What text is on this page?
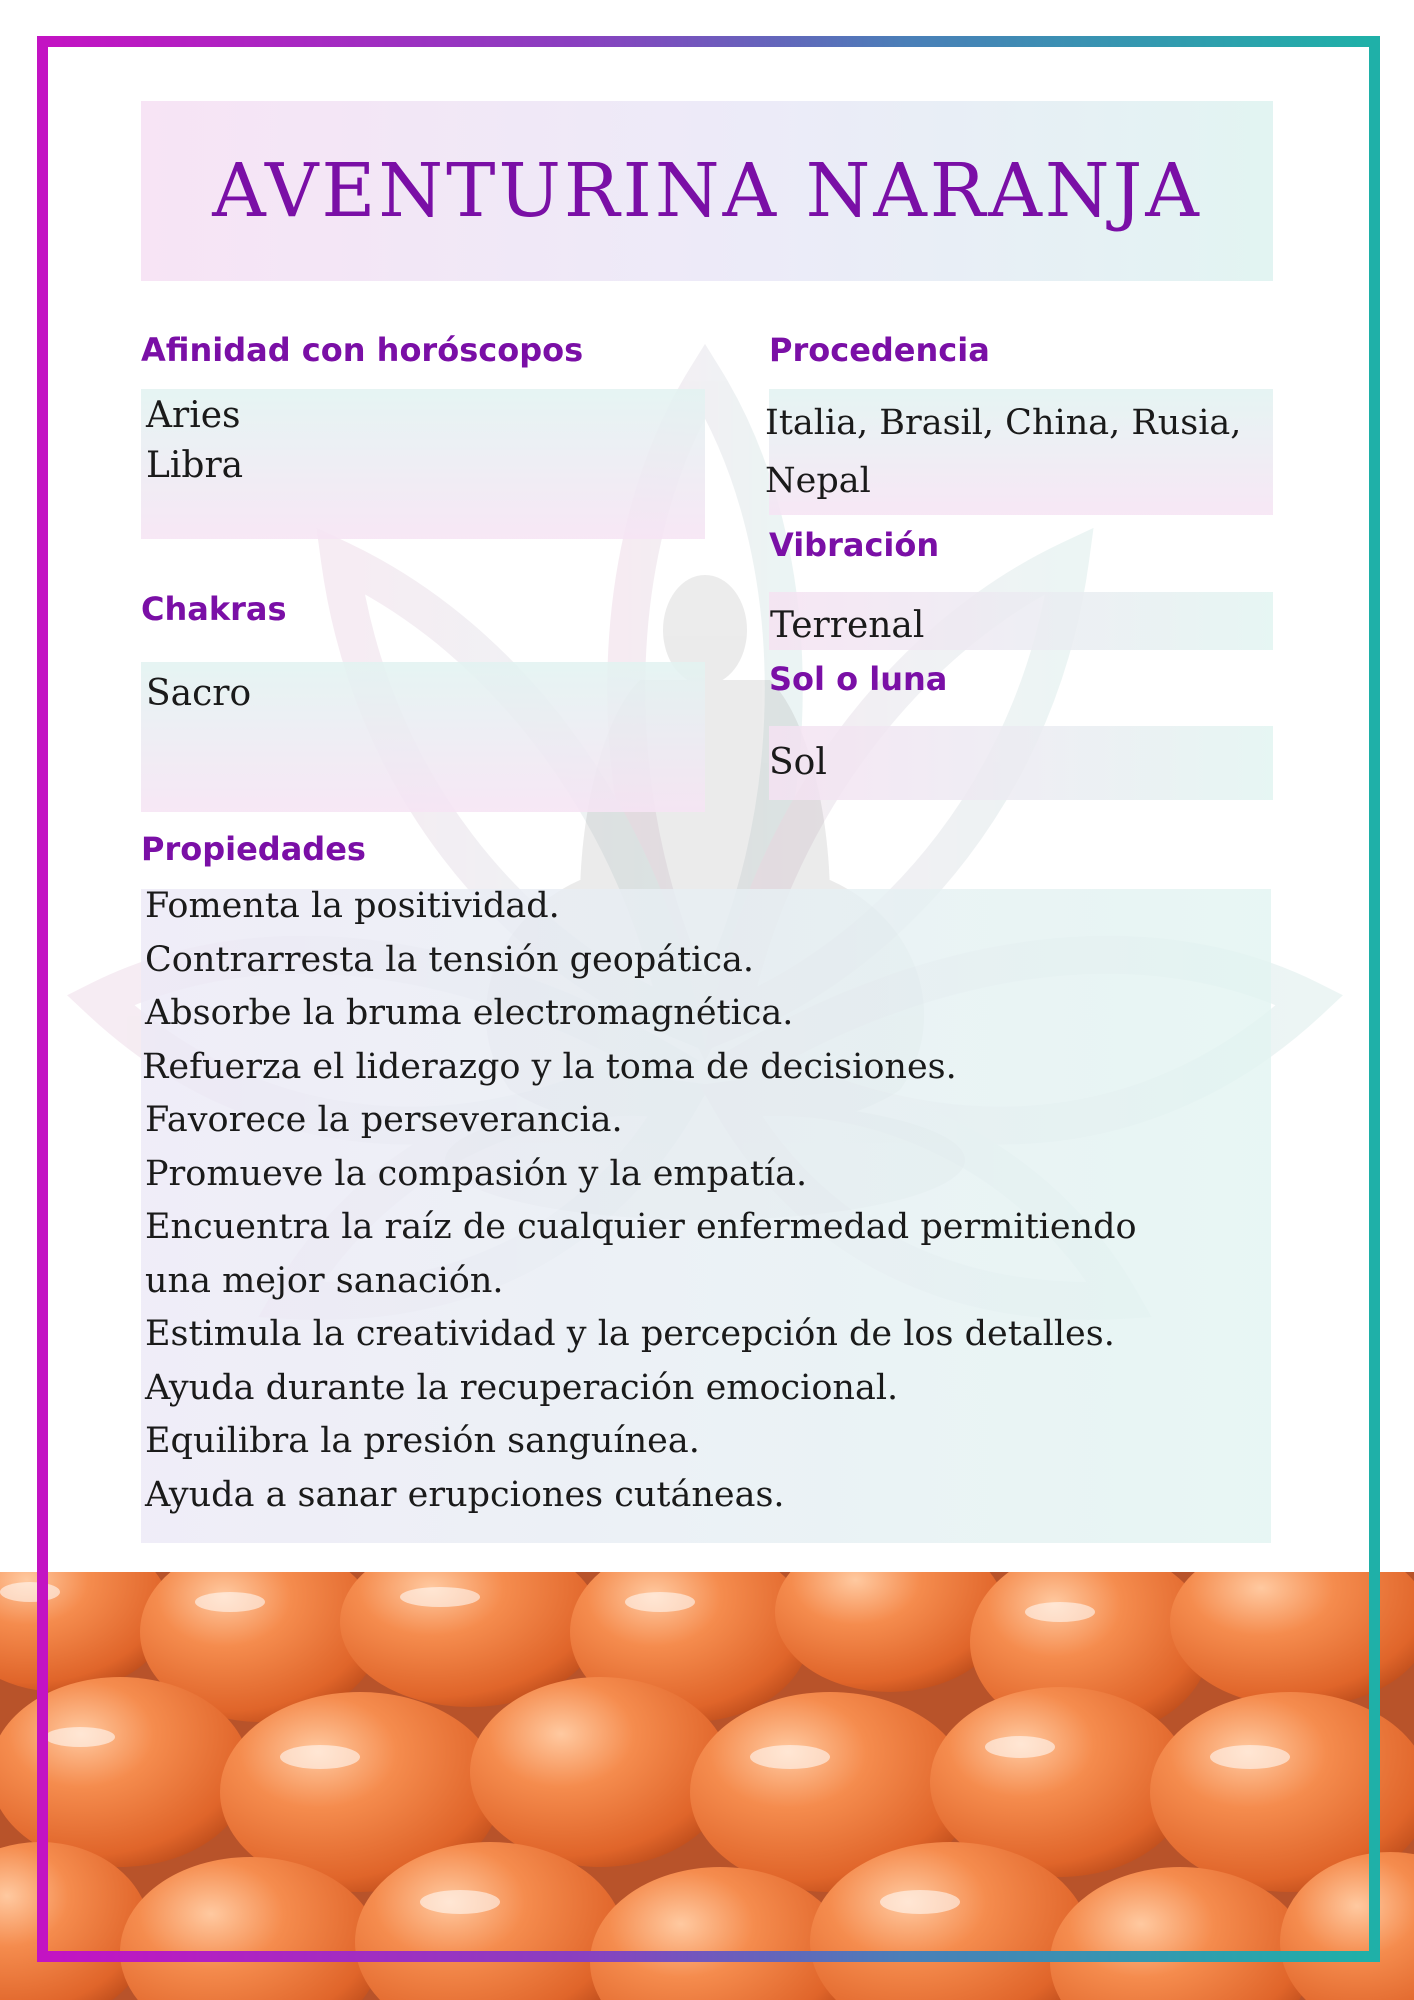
AVENTURINA NARANJA
Afinidad con horóscopos
Aries
Libra
Procedencia
Italia, Brasil, China, Rusia,
Nepal
Vibración
Terrenal
Chakras
Sacro	Sol o luna
Sol
Propiedades
Fomenta la positividad.
Contrarresta la tensión geopática.
Absorbe la bruma electromagnética.
Refuerza el liderazgo y la toma de decisiones.
Favorece la perseverancia.
Promueve la compasión y la empatía.
Encuentra la raíz de cualquier enfermedad permitiendo
una mejor sanación.
Estimula la creatividad y la percepción de los detalles.
Ayuda durante la recuperación emocional.
Equilibra la presión sanguínea.
Ayuda a sanar erupciones cutáneas.
